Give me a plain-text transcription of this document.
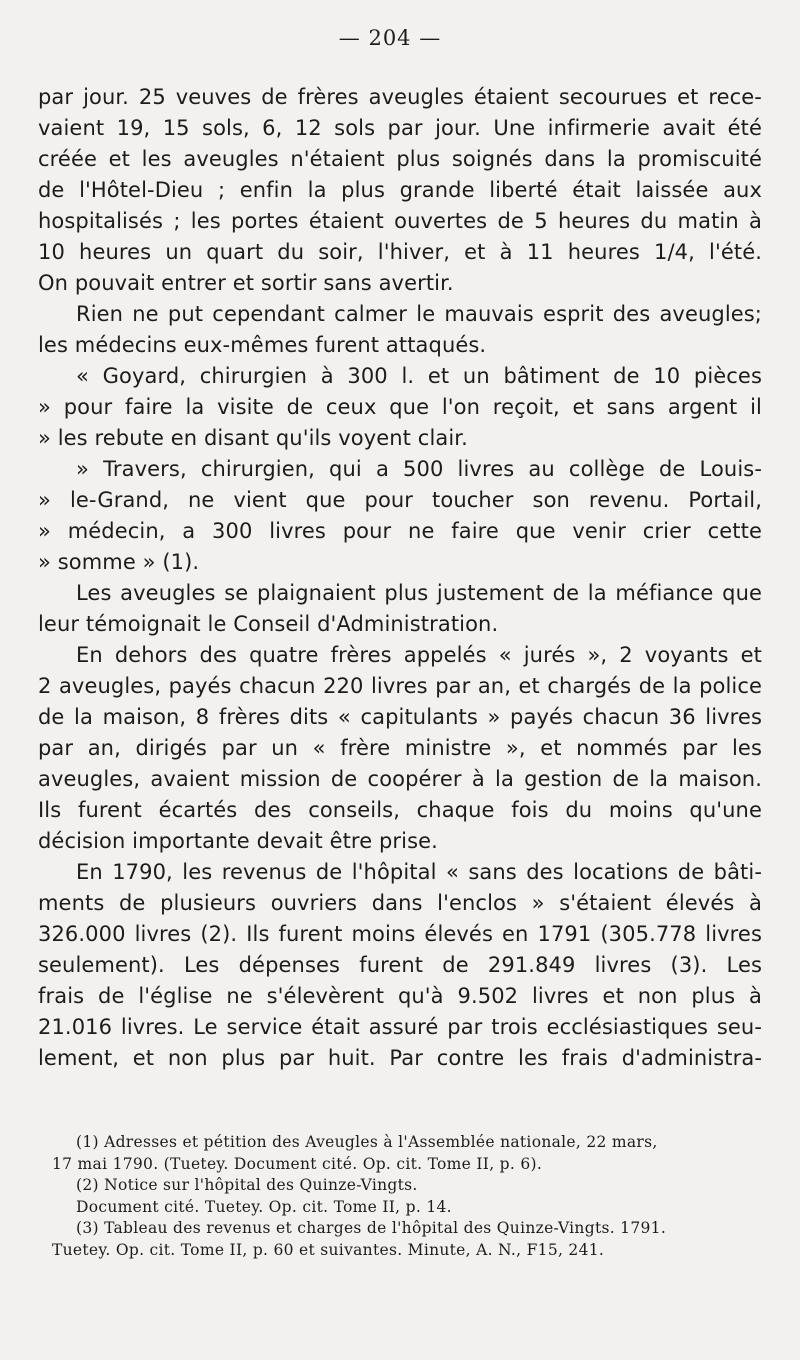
— 204 —
par jour. 25 veuves de frères aveugles étaient secourues et rece-
vaient 19, 15 sols, 6, 12 sols par jour. Une infirmerie avait été
créée et les aveugles n'étaient plus soignés dans la promiscuité
de l'Hôtel-Dieu ; enfin la plus grande liberté était laissée aux
hospitalisés ; les portes étaient ouvertes de 5 heures du matin à
10 heures un quart du soir, l'hiver, et à 11 heures 1/4, l'été.
On pouvait entrer et sortir sans avertir.
Rien ne put cependant calmer le mauvais esprit des aveugles;
les médecins eux-mêmes furent attaqués.
« Goyard, chirurgien à 300 l. et un bâtiment de 10 pièces
» pour faire la visite de ceux que l'on reçoit, et sans argent il
» les rebute en disant qu'ils voyent clair.
» Travers, chirurgien, qui a 500 livres au collège de Louis-
» le-Grand, ne vient que pour toucher son revenu. Portail,
» médecin, a 300 livres pour ne faire que venir crier cette
» somme » (1).
Les aveugles se plaignaient plus justement de la méfiance que
leur témoignait le Conseil d'Administration.
En dehors des quatre frères appelés « jurés », 2 voyants et
2 aveugles, payés chacun 220 livres par an, et chargés de la police
de la maison, 8 frères dits « capitulants » payés chacun 36 livres
par an, dirigés par un « frère ministre », et nommés par les
aveugles, avaient mission de coopérer à la gestion de la maison.
Ils furent écartés des conseils, chaque fois du moins qu'une
décision importante devait être prise.
En 1790, les revenus de l'hôpital « sans des locations de bâti-
ments de plusieurs ouvriers dans l'enclos » s'étaient élevés à
326.000 livres (2). Ils furent moins élevés en 1791 (305.778 livres
seulement). Les dépenses furent de 291.849 livres (3). Les
frais de l'église ne s'élevèrent qu'à 9.502 livres et non plus à
21.016 livres. Le service était assuré par trois ecclésiastiques seu-
lement, et non plus par huit. Par contre les frais d'administra-
(1) Adresses et pétition des Aveugles à l'Assemblée nationale, 22 mars,
17 mai 1790. (Tuetey. Document cité. Op. cit. Tome II, p. 6).
(2) Notice sur l'hôpital des Quinze-Vingts.
Document cité. Tuetey. Op. cit. Tome II, p. 14.
(3) Tableau des revenus et charges de l'hôpital des Quinze-Vingts. 1791.
Tuetey. Op. cit. Tome II, p. 60 et suivantes. Minute, A. N., F15, 241.
